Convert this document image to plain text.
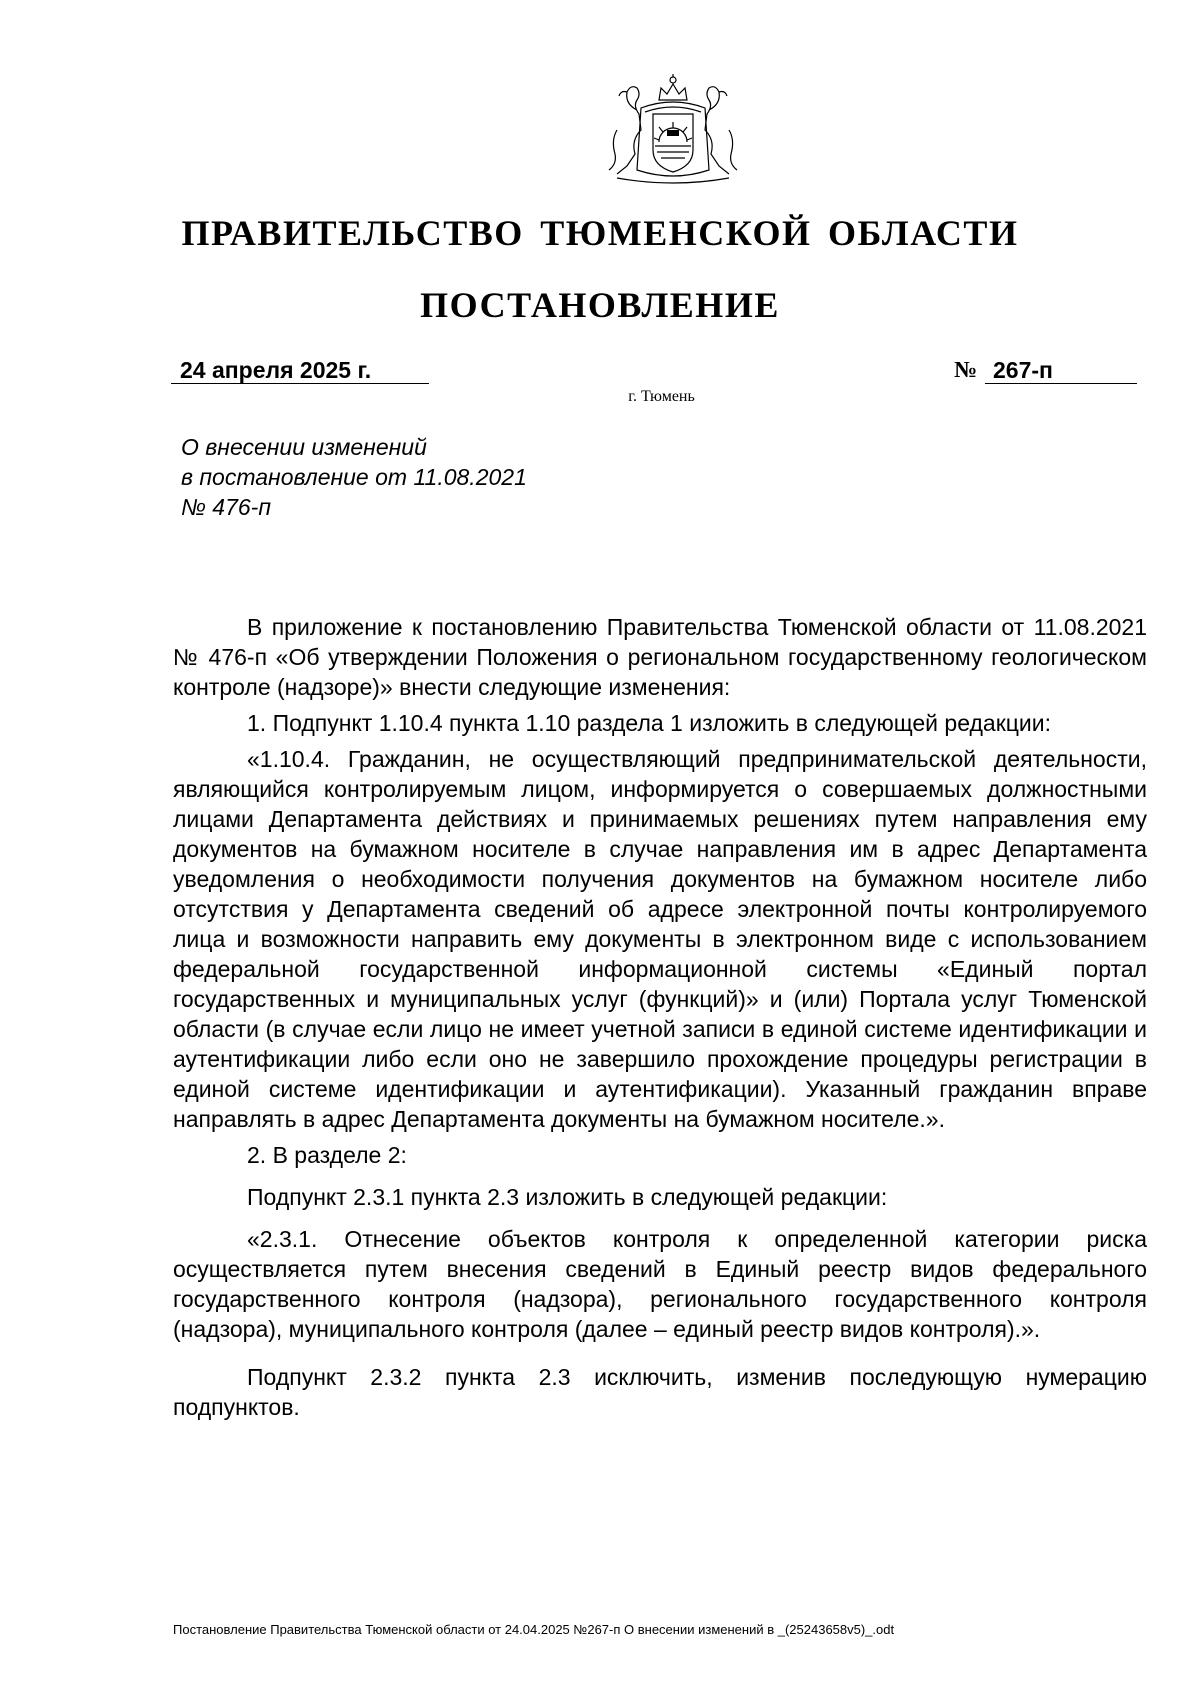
ПРАВИТЕЛЬСТВО ТЮМЕНСКОЙ ОБЛАСТИ
ПОСТАНОВЛЕНИЕ
24 апреля 2025 г.	№ 267-п
г. Тюмень
О внесении изменений
в постановление от 11.08.2021
№ 476-п

В приложение к постановлению Правительства Тюменской области от 11.08.2021 № 476-п «Об утверждении Положения о региональном государственному геологическом контроле (надзоре)» внести следующие изменения:

1. Подпункт 1.10.4 пункта 1.10 раздела 1 изложить в следующей редакции:

«1.10.4. Гражданин, не осуществляющий предпринимательской деятельности, являющийся контролируемым лицом, информируется о совершаемых должностными лицами Департамента действиях и принимаемых решениях путем направления ему документов на бумажном носителе в случае направления им в адрес Департамента уведомления о необходимости получения документов на бумажном носителе либо отсутствия у Департамента сведений об адресе электронной почты контролируемого лица и возможности направить ему документы в электронном виде с использованием федеральной государственной информационной системы «Единый портал государственных и муниципальных услуг (функций)» и (или) Портала услуг Тюменской области (в случае если лицо не имеет учетной записи в единой системе идентификации и аутентификации либо если оно не завершило прохождение процедуры регистрации в единой системе идентификации и аутентификации). Указанный гражданин вправе направлять в адрес Департамента документы на бумажном носителе.».

2. В разделе 2:

Подпункт 2.3.1 пункта 2.3 изложить в следующей редакции:

«2.3.1. Отнесение объектов контроля к определенной категории риска осуществляется путем внесения сведений в Единый реестр видов федерального государственного контроля (надзора), регионального государственного контроля (надзора), муниципального контроля (далее – единый реестр видов контроля).».

Подпункт 2.3.2 пункта 2.3 исключить, изменив последующую нумерацию подпунктов.

Постановление Правительства Тюменской области от 24.04.2025 №267-п О внесении изменений в _(25243658v5)_.odt
